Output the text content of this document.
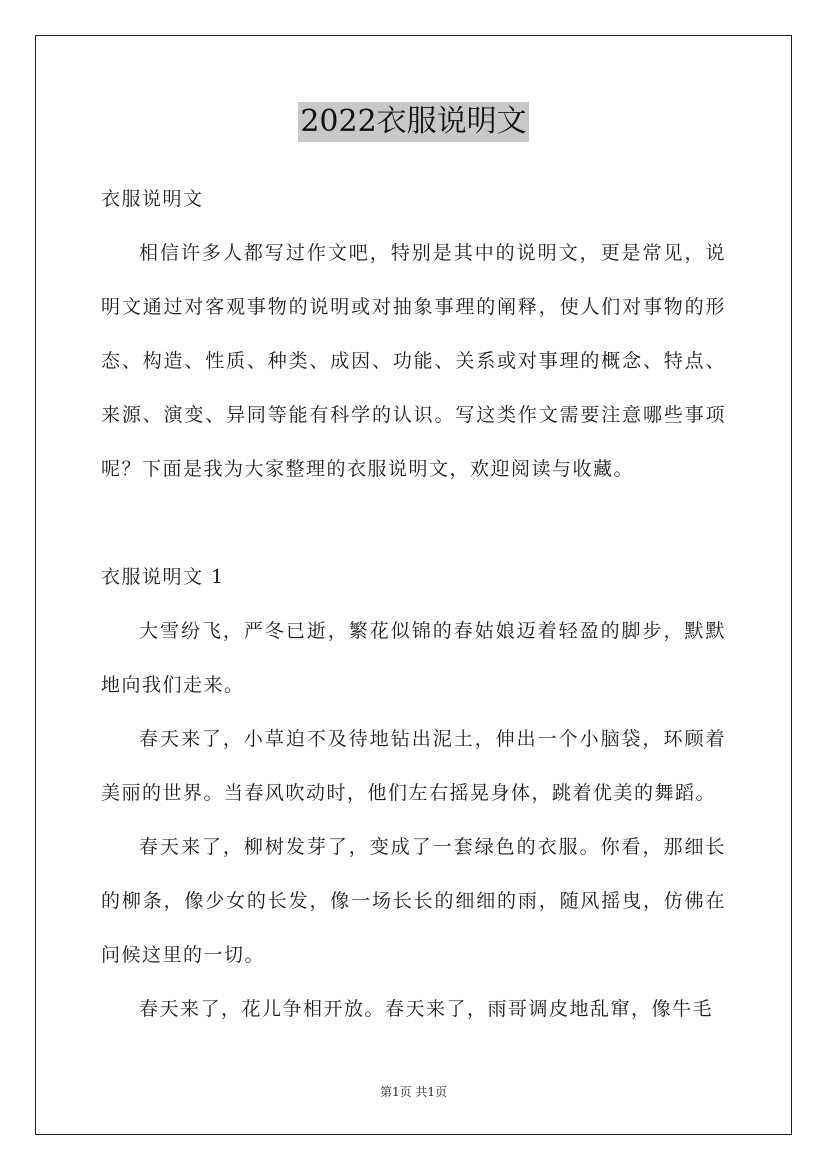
2022衣服说明文

衣服说明文

相信许多人都写过作文吧，特别是其中的说明文，更是常见，说明文通过对客观事物的说明或对抽象事理的阐释，使人们对事物的形态、构造、性质、种类、成因、功能、关系或对事理的概念、特点、来源、演变、异同等能有科学的认识。写这类作文需要注意哪些事项呢？下面是我为大家整理的衣服说明文，欢迎阅读与收藏。

衣服说明文 1

大雪纷飞，严冬已逝，繁花似锦的春姑娘迈着轻盈的脚步，默默地向我们走来。

春天来了，小草迫不及待地钻出泥土，伸出一个小脑袋，环顾着美丽的世界。当春风吹动时，他们左右摇晃身体，跳着优美的舞蹈。

春天来了，柳树发芽了，变成了一套绿色的衣服。你看，那细长的柳条，像少女的长发，像一场长长的细细的雨，随风摇曳，仿佛在问候这里的一切。

春天来了，花儿争相开放。春天来了，雨哥调皮地乱窜，像牛毛

第1页 共1页
